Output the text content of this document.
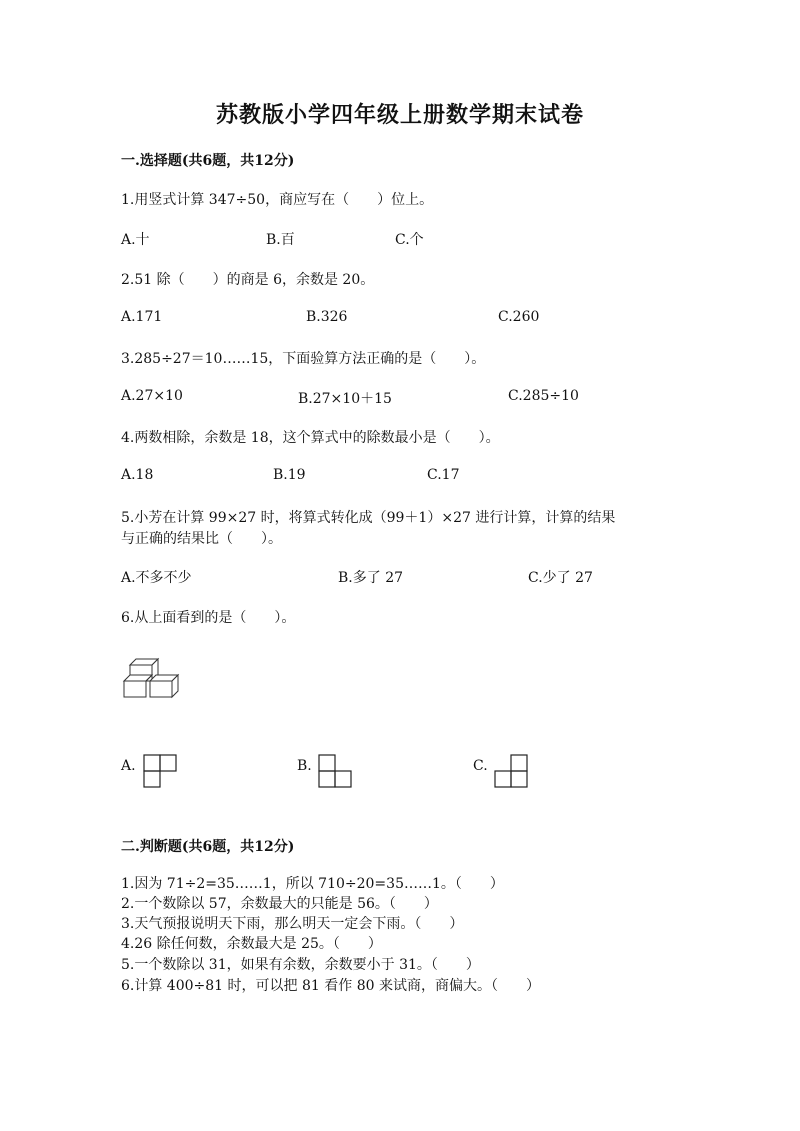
苏教版小学四年级上册数学期末试卷
一.选择题(共6题，共12分)
1.用竖式计算 347÷50，商应写在（　　）位上。
A.十	B.百	C.个
2.51 除（　　）的商是 6，余数是 20。
A.171	B.326	C.260
3.285÷27＝10……15，下面验算方法正确的是（　　）。
A.27×10	B.27×10＋15	C.285÷10
4.两数相除，余数是 18，这个算式中的除数最小是（　　）。
A.18	B.19	C.17
5.小芳在计算 99×27 时，将算式转化成（99＋1）×27 进行计算，计算的结果
与正确的结果比（　　）。
A.不多不少	B.多了 27	C.少了 27
6.从上面看到的是（　　）。
A.	B.	C.
二.判断题(共6题，共12分)
1.因为 71÷2=35……1，所以 710÷20=35……1。（　　）
2.一个数除以 57，余数最大的只能是 56。（　　）
3.天气预报说明天下雨，那么明天一定会下雨。（　　）
4.26 除任何数，余数最大是 25。（　　）
5.一个数除以 31，如果有余数，余数要小于 31。（　　）
6.计算 400÷81 时，可以把 81 看作 80 来试商，商偏大。（　　）
